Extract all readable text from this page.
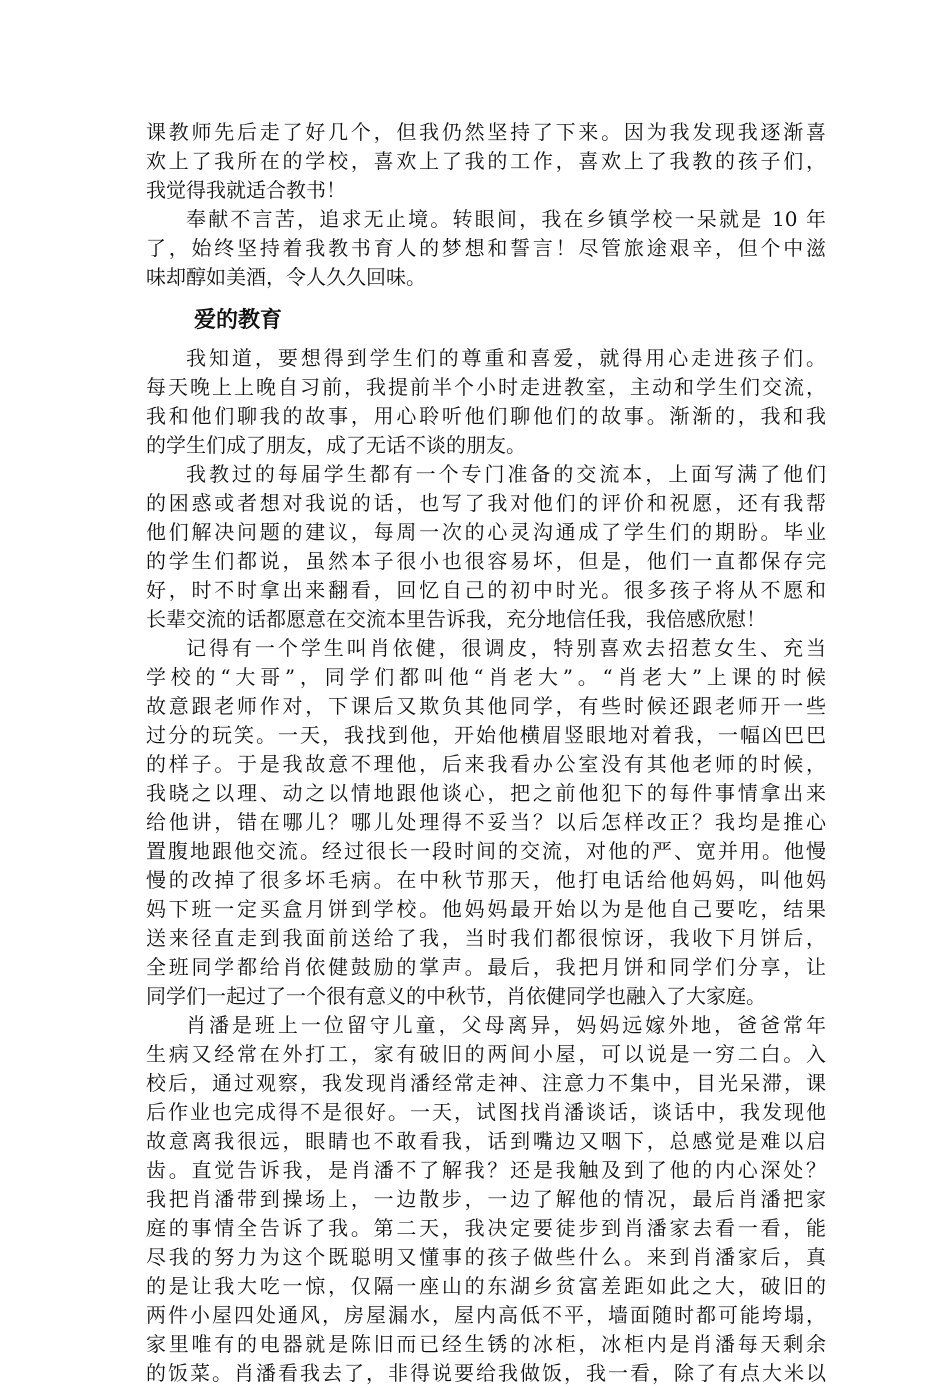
课教师先后走了好几个，但我仍然坚持了下来。因为我发现我逐渐喜
欢上了我所在的学校，喜欢上了我的工作，喜欢上了我教的孩子们，
我觉得我就适合教书！
奉献不言苦，追求无止境。转眼间，我在乡镇学校一呆就是 10 年
了，始终坚持着我教书育人的梦想和誓言！尽管旅途艰辛，但个中滋
味却醇如美酒，令人久久回味。
爱的教育
我知道，要想得到学生们的尊重和喜爱，就得用心走进孩子们。
每天晚上上晚自习前，我提前半个小时走进教室，主动和学生们交流，
我和他们聊我的故事，用心聆听他们聊他们的故事。渐渐的，我和我
的学生们成了朋友，成了无话不谈的朋友。
我教过的每届学生都有一个专门准备的交流本，上面写满了他们
的困惑或者想对我说的话，也写了我对他们的评价和祝愿，还有我帮
他们解决问题的建议，每周一次的心灵沟通成了学生们的期盼。毕业
的学生们都说，虽然本子很小也很容易坏，但是，他们一直都保存完
好，时不时拿出来翻看，回忆自己的初中时光。很多孩子将从不愿和
长辈交流的话都愿意在交流本里告诉我，充分地信任我，我倍感欣慰！
记得有一个学生叫肖依健，很调皮，特别喜欢去招惹女生、充当
学校的“大哥”，同学们都叫他“肖老大”。“肖老大”上课的时候
故意跟老师作对，下课后又欺负其他同学，有些时候还跟老师开一些
过分的玩笑。一天，我找到他，开始他横眉竖眼地对着我，一幅凶巴巴
的样子。于是我故意不理他，后来我看办公室没有其他老师的时候，
我晓之以理、动之以情地跟他谈心，把之前他犯下的每件事情拿出来
给他讲，错在哪儿？哪儿处理得不妥当？以后怎样改正？我均是推心
置腹地跟他交流。经过很长一段时间的交流，对他的严、宽并用。他慢
慢的改掉了很多坏毛病。在中秋节那天，他打电话给他妈妈，叫他妈
妈下班一定买盒月饼到学校。他妈妈最开始以为是他自己要吃，结果
送来径直走到我面前送给了我，当时我们都很惊讶，我收下月饼后，
全班同学都给肖依健鼓励的掌声。最后，我把月饼和同学们分享，让
同学们一起过了一个很有意义的中秋节，肖依健同学也融入了大家庭。
肖潘是班上一位留守儿童，父母离异，妈妈远嫁外地，爸爸常年
生病又经常在外打工，家有破旧的两间小屋，可以说是一穷二白。入
校后，通过观察，我发现肖潘经常走神、注意力不集中，目光呆滞，课
后作业也完成得不是很好。一天，试图找肖潘谈话，谈话中，我发现他
故意离我很远，眼睛也不敢看我，话到嘴边又咽下，总感觉是难以启
齿。直觉告诉我，是肖潘不了解我？还是我触及到了他的内心深处？
我把肖潘带到操场上，一边散步，一边了解他的情况，最后肖潘把家
庭的事情全告诉了我。第二天，我决定要徒步到肖潘家去看一看，能
尽我的努力为这个既聪明又懂事的孩子做些什么。来到肖潘家后，真
的是让我大吃一惊，仅隔一座山的东湖乡贫富差距如此之大，破旧的
两件小屋四处通风，房屋漏水，屋内高低不平，墙面随时都可能垮塌，
家里唯有的电器就是陈旧而已经生锈的冰柜，冰柜内是肖潘每天剩余
的饭菜。肖潘看我去了，非得说要给我做饭，我一看，除了有点大米以
